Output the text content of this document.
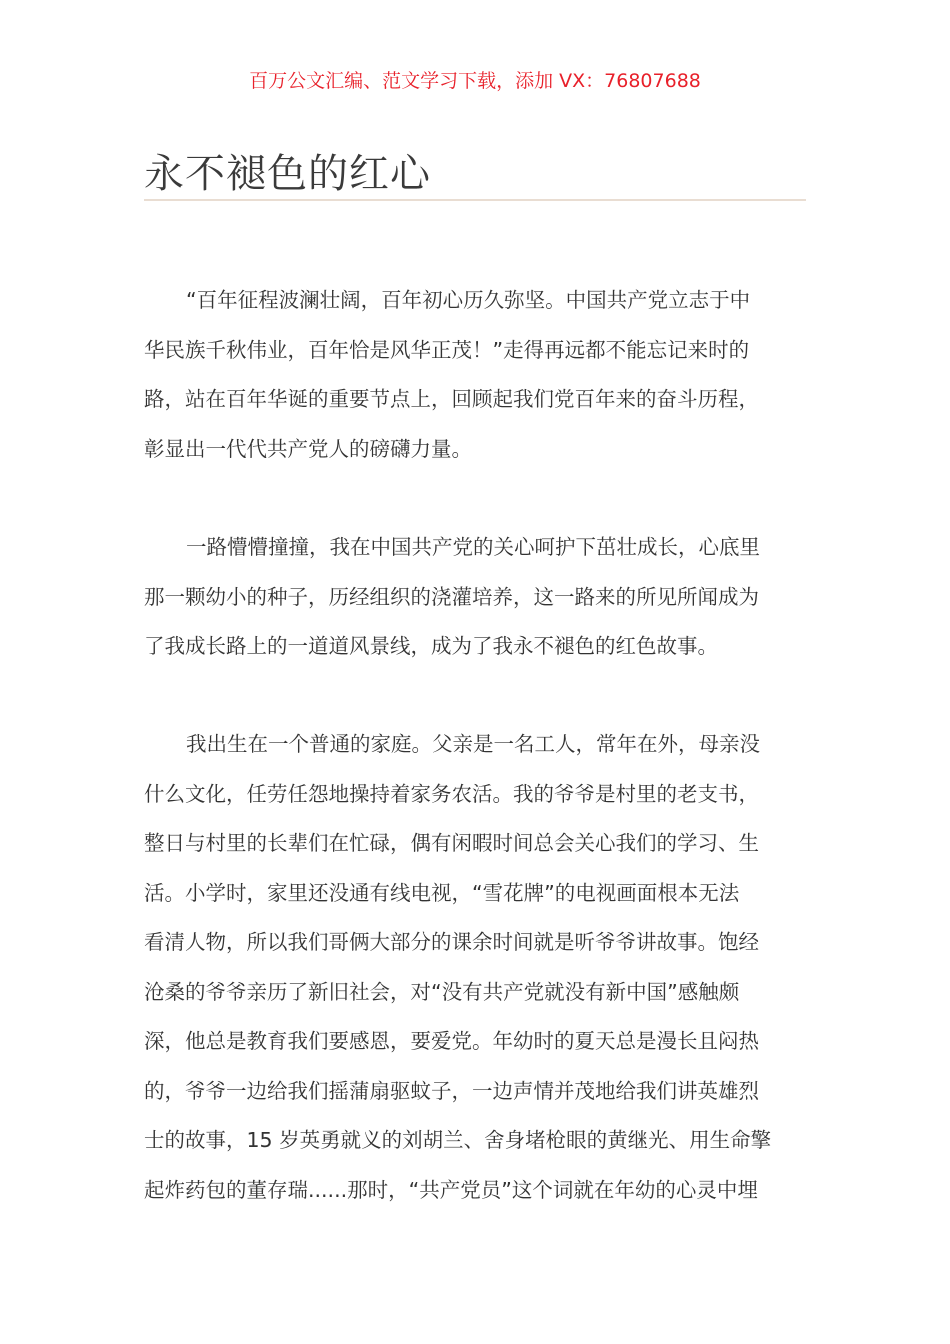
百万公文汇编、范文学习下载，添加 VX：76807688
永不褪色的红心

“百年征程波澜壮阔，百年初心历久弥坚。中国共产党立志于中
华民族千秋伟业，百年恰是风华正茂！”走得再远都不能忘记来时的
路，站在百年华诞的重要节点上，回顾起我们党百年来的奋斗历程，
彰显出一代代共产党人的磅礴力量。

一路懵懵撞撞，我在中国共产党的关心呵护下茁壮成长，心底里
那一颗幼小的种子，历经组织的浇灌培养，这一路来的所见所闻成为
了我成长路上的一道道风景线，成为了我永不褪色的红色故事。

我出生在一个普通的家庭。父亲是一名工人，常年在外，母亲没
什么文化，任劳任怨地操持着家务农活。我的爷爷是村里的老支书，
整日与村里的长辈们在忙碌，偶有闲暇时间总会关心我们的学习、生
活。小学时，家里还没通有线电视，“雪花牌”的电视画面根本无法
看清人物，所以我们哥俩大部分的课余时间就是听爷爷讲故事。饱经
沧桑的爷爷亲历了新旧社会，对“没有共产党就没有新中国”感触颇
深，他总是教育我们要感恩，要爱党。年幼时的夏天总是漫长且闷热
的，爷爷一边给我们摇蒲扇驱蚊子，一边声情并茂地给我们讲英雄烈
士的故事，15 岁英勇就义的刘胡兰、舍身堵枪眼的黄继光、用生命擎
起炸药包的董存瑞......那时，“共产党员”这个词就在年幼的心灵中埋
